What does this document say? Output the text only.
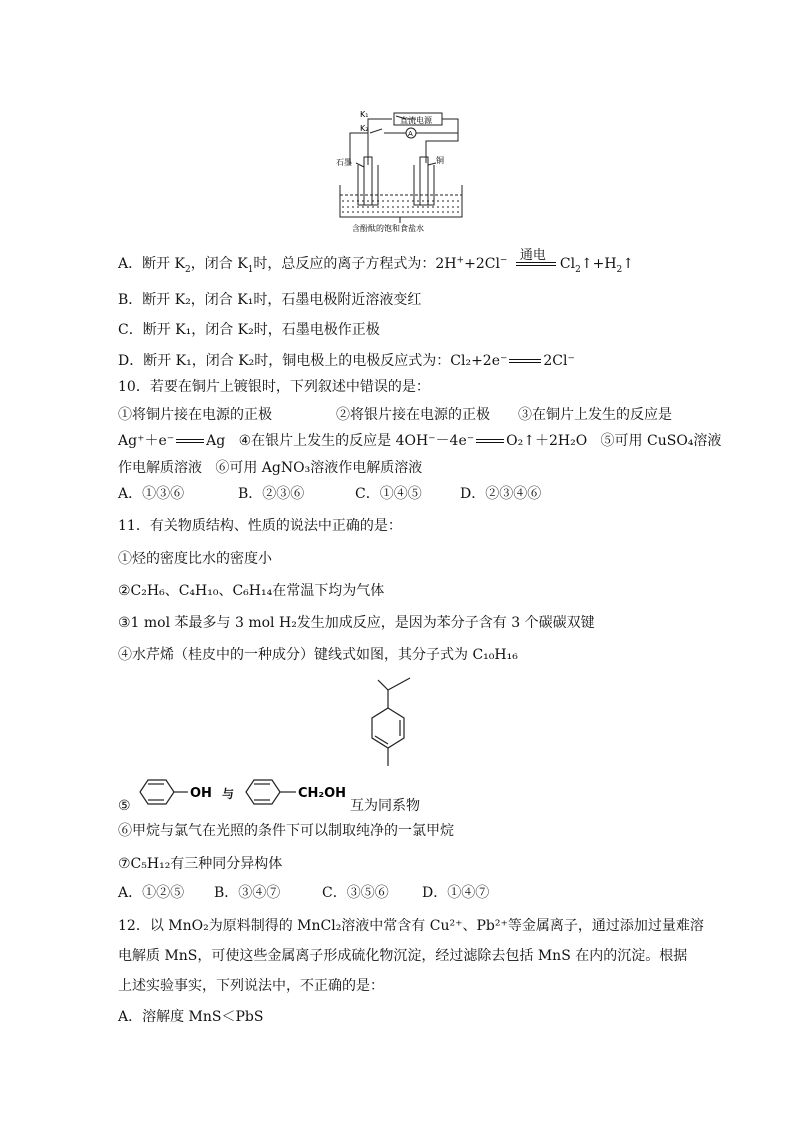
K₁
K₂
直流电源
A
石墨	铜
含酚酞的饱和食盐水
A．断开 $K_2$，闭合 $K_1$时，总反应的离子方程式为：2H++2Cl− 通电
$Cl_2↑+H_2↑$
B．断开 K₂，闭合 K₁时，石墨电极附近溶液变红
C．断开 K₁，闭合 K₂时，石墨电极作正极
D．断开 K₁，闭合 K₂时，铜电极上的电极反应式为：Cl₂+2e⁻	2Cl⁻
10．若要在铜片上镀银时，下列叙述中错误的是：
①将铜片接在电源的正极	②将银片接在电源的正极 ③在铜片上发生的反应是
Ag⁺＋e⁻ Ag ④在银片上发生的反应是 4OH⁻－4e⁻ O₂↑＋2H₂O ⑤可用 CuSO₄溶液
作电解质溶液 ⑥可用 AgNO₃溶液作电解质溶液
A．①③⑥	B．②③⑥	C．①④⑤	D．②③④⑥
11．有关物质结构、性质的说法中正确的是：
①烃的密度比水的密度小
②C₂H₆、C₄H₁₀、C₆H₁₄在常温下均为气体
③1 mol 苯最多与 3 mol H₂发生加成反应，是因为苯分子含有 3 个碳碳双键
④水芹烯（桂皮中的一种成分）键线式如图，其分子式为 C₁₀H₁₆
⑤
OH 与	CH₂OH
互为同系物
⑥甲烷与氯气在光照的条件下可以制取纯净的一氯甲烷
⑦C₅H₁₂有三种同分异构体
A．①②⑤ B．③④⑦	C．③⑤⑥ D．①④⑦
12．以 MnO₂为原料制得的 MnCl₂溶液中常含有 Cu²⁺、Pb²⁺等金属离子，通过添加过量难溶
电解质 MnS，可使这些金属离子形成硫化物沉淀，经过滤除去包括 MnS 在内的沉淀。根据
上述实验事实，下列说法中，不正确的是：
A．溶解度 MnS＜PbS
